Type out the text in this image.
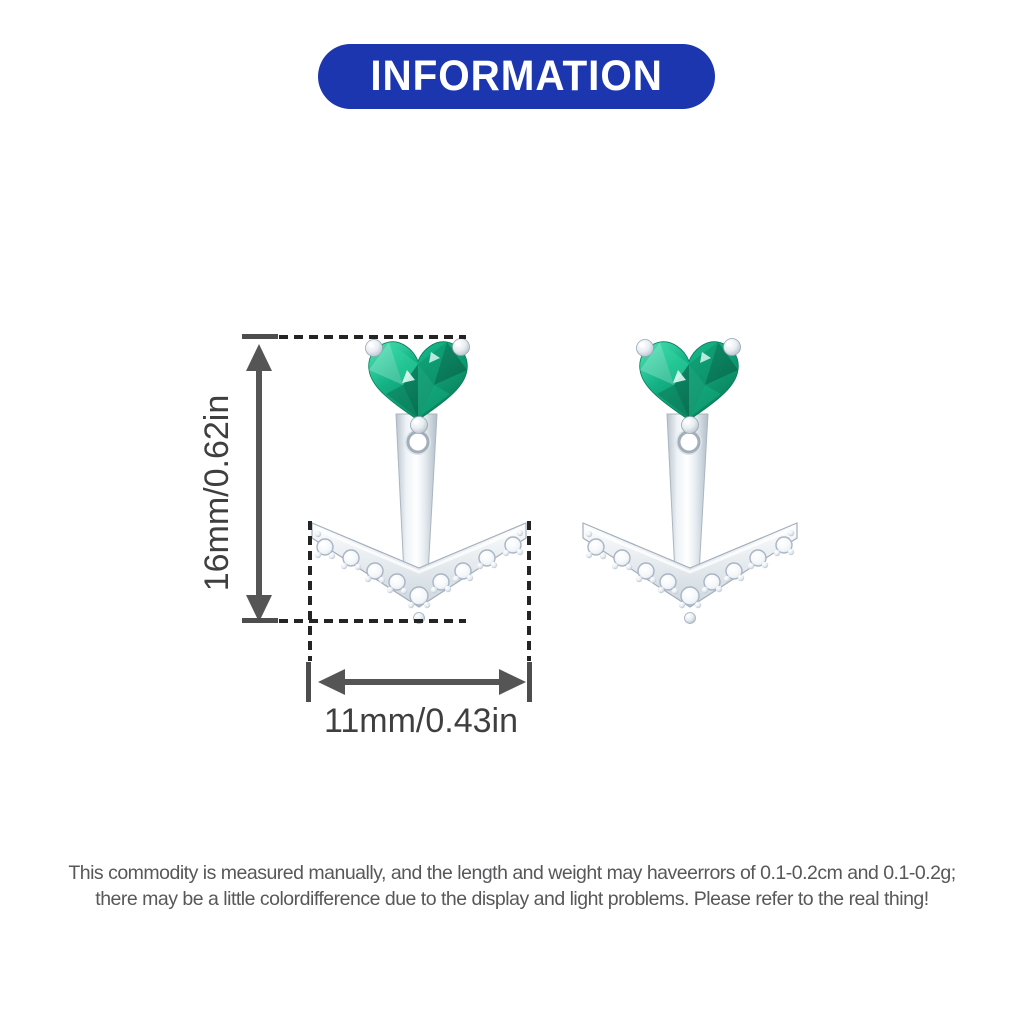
INFORMATION
16mm/0.62in
11mm/0.43in
This commodity is measured manually, and the length and weight may haveerrors of 0.1-0.2cm and 0.1-0.2g;
there may be a little colordifference due to the display and light problems. Please refer to the real thing!
